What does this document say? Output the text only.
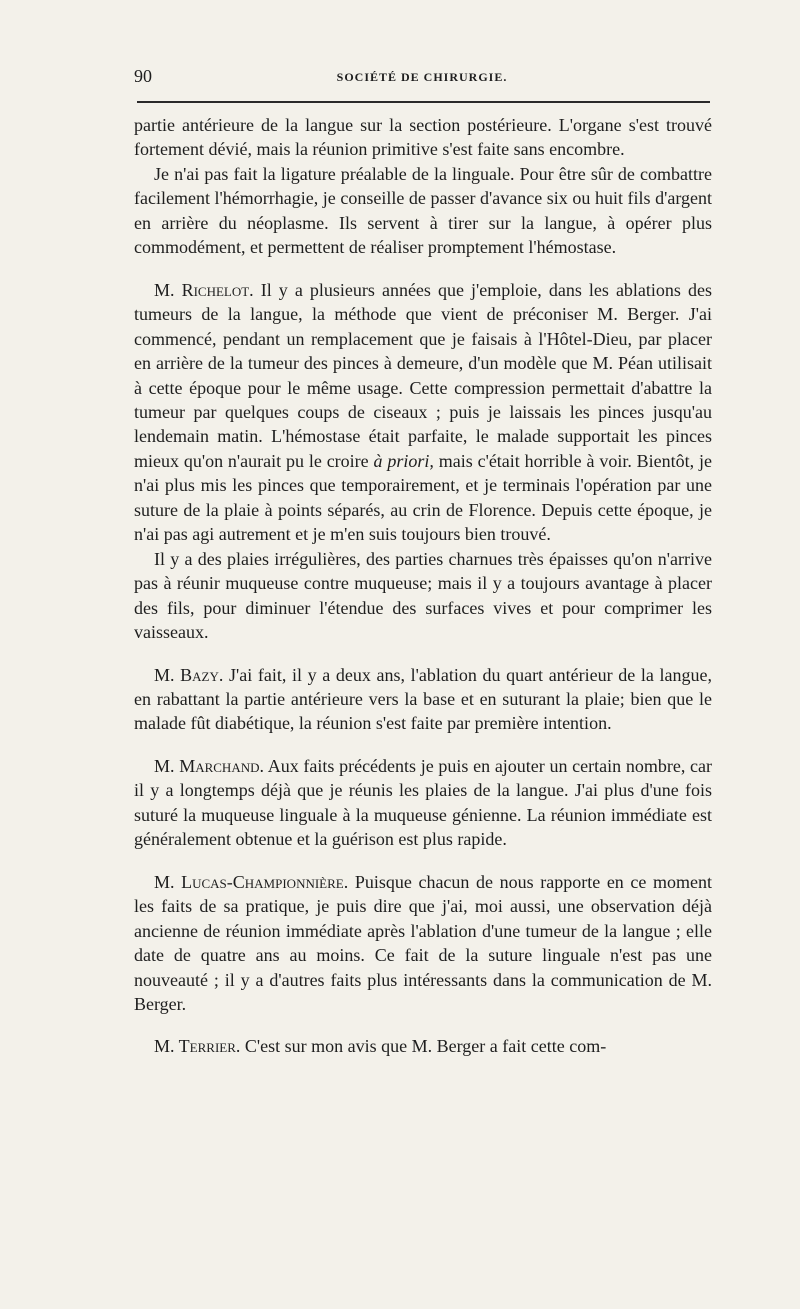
90	SOCIÉTÉ DE CHIRURGIE.

partie antérieure de la langue sur la section postérieure. L'organe s'est trouvé fortement dévié, mais la réunion primitive s'est faite sans encombre.

Je n'ai pas fait la ligature préalable de la linguale. Pour être sûr de combattre facilement l'hémorrhagie, je conseille de passer d'avance six ou huit fils d'argent en arrière du néoplasme. Ils servent à tirer sur la langue, à opérer plus commodément, et permettent de réaliser promptement l'hémostase.

M. Richelot. Il y a plusieurs années que j'emploie, dans les ablations des tumeurs de la langue, la méthode que vient de préconiser M. Berger. J'ai commencé, pendant un remplacement que je faisais à l'Hôtel-Dieu, par placer en arrière de la tumeur des pinces à demeure, d'un modèle que M. Péan utilisait à cette époque pour le même usage. Cette compression permettait d'abattre la tumeur par quelques coups de ciseaux ; puis je laissais les pinces jusqu'au lendemain matin. L'hémostase était parfaite, le malade supportait les pinces mieux qu'on n'aurait pu le croire à priori, mais c'était horrible à voir. Bientôt, je n'ai plus mis les pinces que temporairement, et je terminais l'opération par une suture de la plaie à points séparés, au crin de Florence. Depuis cette époque, je n'ai pas agi autrement et je m'en suis toujours bien trouvé.

Il y a des plaies irrégulières, des parties charnues très épaisses qu'on n'arrive pas à réunir muqueuse contre muqueuse; mais il y a toujours avantage à placer des fils, pour diminuer l'étendue des surfaces vives et pour comprimer les vaisseaux.

M. Bazy. J'ai fait, il y a deux ans, l'ablation du quart antérieur de la langue, en rabattant la partie antérieure vers la base et en suturant la plaie; bien que le malade fût diabétique, la réunion s'est faite par première intention.

M. Marchand. Aux faits précédents je puis en ajouter un certain nombre, car il y a longtemps déjà que je réunis les plaies de la langue. J'ai plus d'une fois suturé la muqueuse linguale à la muqueuse génienne. La réunion immédiate est généralement obtenue et la guérison est plus rapide.

M. Lucas-Championnière. Puisque chacun de nous rapporte en ce moment les faits de sa pratique, je puis dire que j'ai, moi aussi, une observation déjà ancienne de réunion immédiate après l'ablation d'une tumeur de la langue ; elle date de quatre ans au moins. Ce fait de la suture linguale n'est pas une nouveauté ; il y a d'autres faits plus intéressants dans la communication de M. Berger.

M. Terrier. C'est sur mon avis que M. Berger a fait cette com-
